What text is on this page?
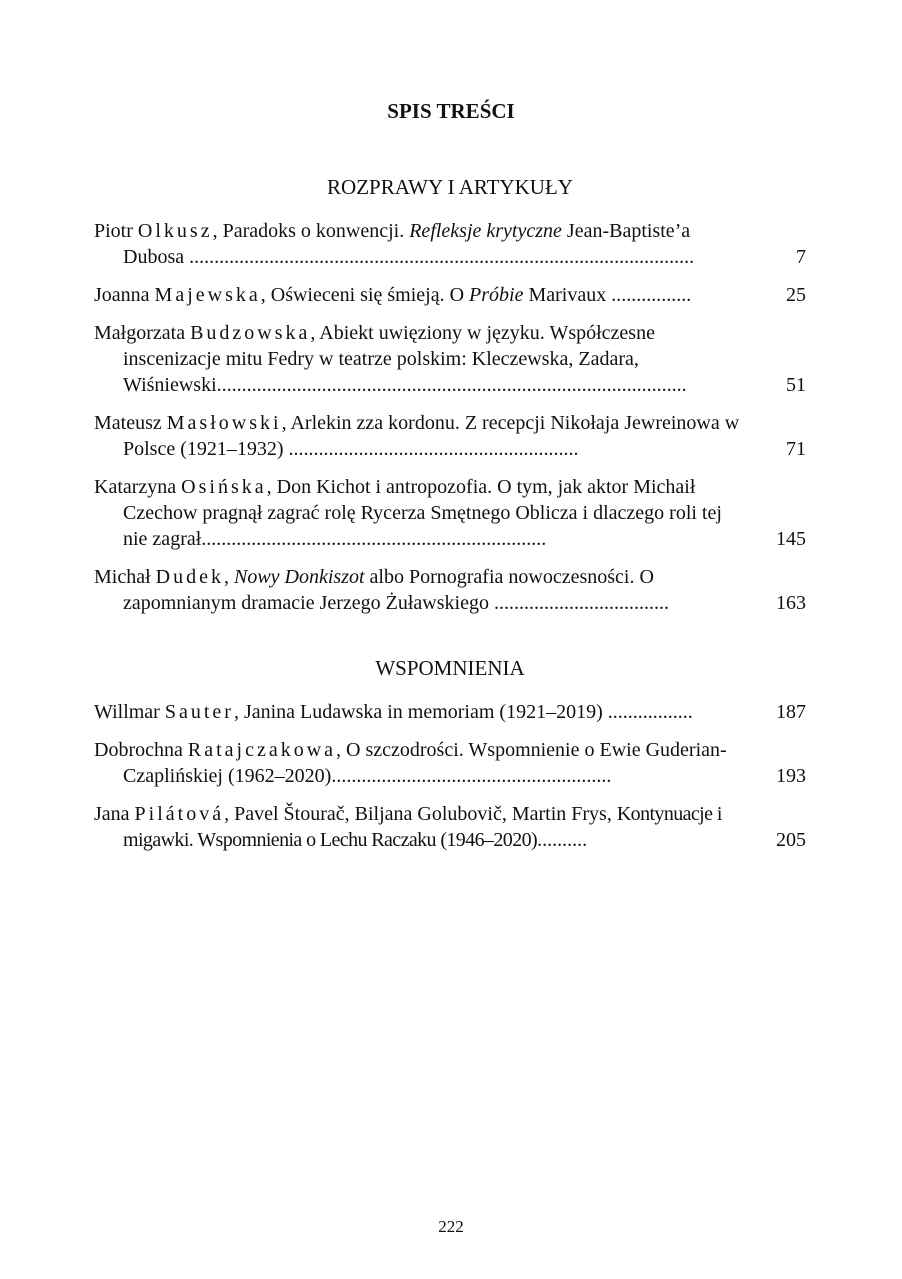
SPIS TREŚCI
ROZPRAWY I ARTYKUŁY
Piotr Olkusz, Paradoks o konwencji. Refleksje krytyczne Jean-Baptiste’a Dubosa .....................................................................................................	7
Joanna Majewska, Oświeceni się śmieją. O Próbie Marivaux ................	25
Małgorzata Budzowska, Abiekt uwięziony w języku. Współczesne inscenizacje mitu Fedry w teatrze polskim: Kleczewska, Zadara, Wiśniewski..............................................................................................	51
Mateusz Masłowski, Arlekin zza kordonu. Z recepcji Nikołaja Jewreinowa w Polsce (1921–1932) ..........................................................	71
Katarzyna Osińska, Don Kichot i antropozofia. O tym, jak aktor Michaił Czechow pragnął zagrać rolę Rycerza Smętnego Oblicza i dlaczego roli tej nie zagrał.....................................................................	145
Michał Dudek, Nowy Donkiszot albo Pornografia nowoczesności. O zapomnianym dramacie Jerzego Żuławskiego ...................................	163
WSPOMNIENIA
Willmar Sauter, Janina Ludawska in memoriam (1921–2019) .................	187
Dobrochna Ratajczakowa, O szczodrości. Wspomnienie o Ewie Guderian-Czaplińskiej (1962–2020)........................................................	193
Jana Pilátová, Pavel Štourač, Biljana Golubovič, Martin Frys, Kontynuacje i migawki. Wspomnienia o Lechu Raczaku (1946–2020)..........	205
222
